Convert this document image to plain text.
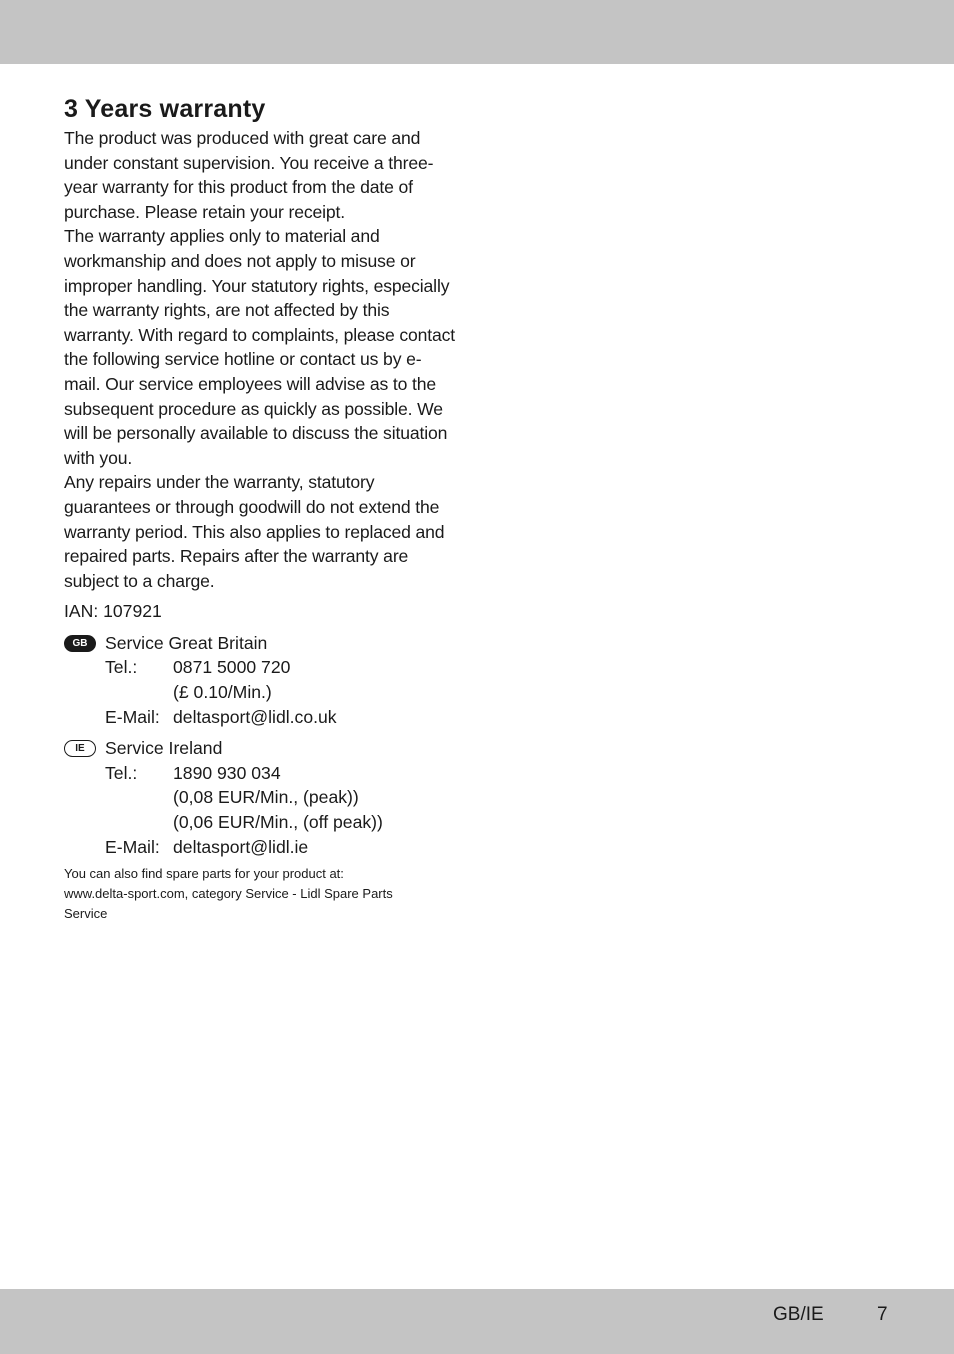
3 Years warranty

The product was produced with great care and under constant supervision. You receive a three-year warranty for this product from the date of purchase. Please retain your receipt.

The warranty applies only to material and workmanship and does not apply to misuse or improper handling. Your statutory rights, especially the warranty rights, are not affected by this warranty. With regard to complaints, please contact the following service hotline or contact us by e-mail. Our service employees will advise as to the subsequent procedure as quickly as possible. We will be personally available to discuss the situation with you.

Any repairs under the warranty, statutory guarantees or through goodwill do not extend the warranty period. This also applies to replaced and repaired parts. Repairs after the warranty are subject to a charge.

IAN: 107921

GB Service Great Britain
Tel.:	0871 5000 720
(£ 0.10/Min.)
E-Mail: deltasport@lidl.co.uk
IE	Service Ireland
Tel.:	1890 930 034
(0,08 EUR/Min., (peak))
(0,06 EUR/Min., (off peak))
E-Mail: deltasport@lidl.ie
You can also find spare parts for your product at:
www.delta-sport.com, category Service - Lidl Spare Parts
Service
GB/IE	7
